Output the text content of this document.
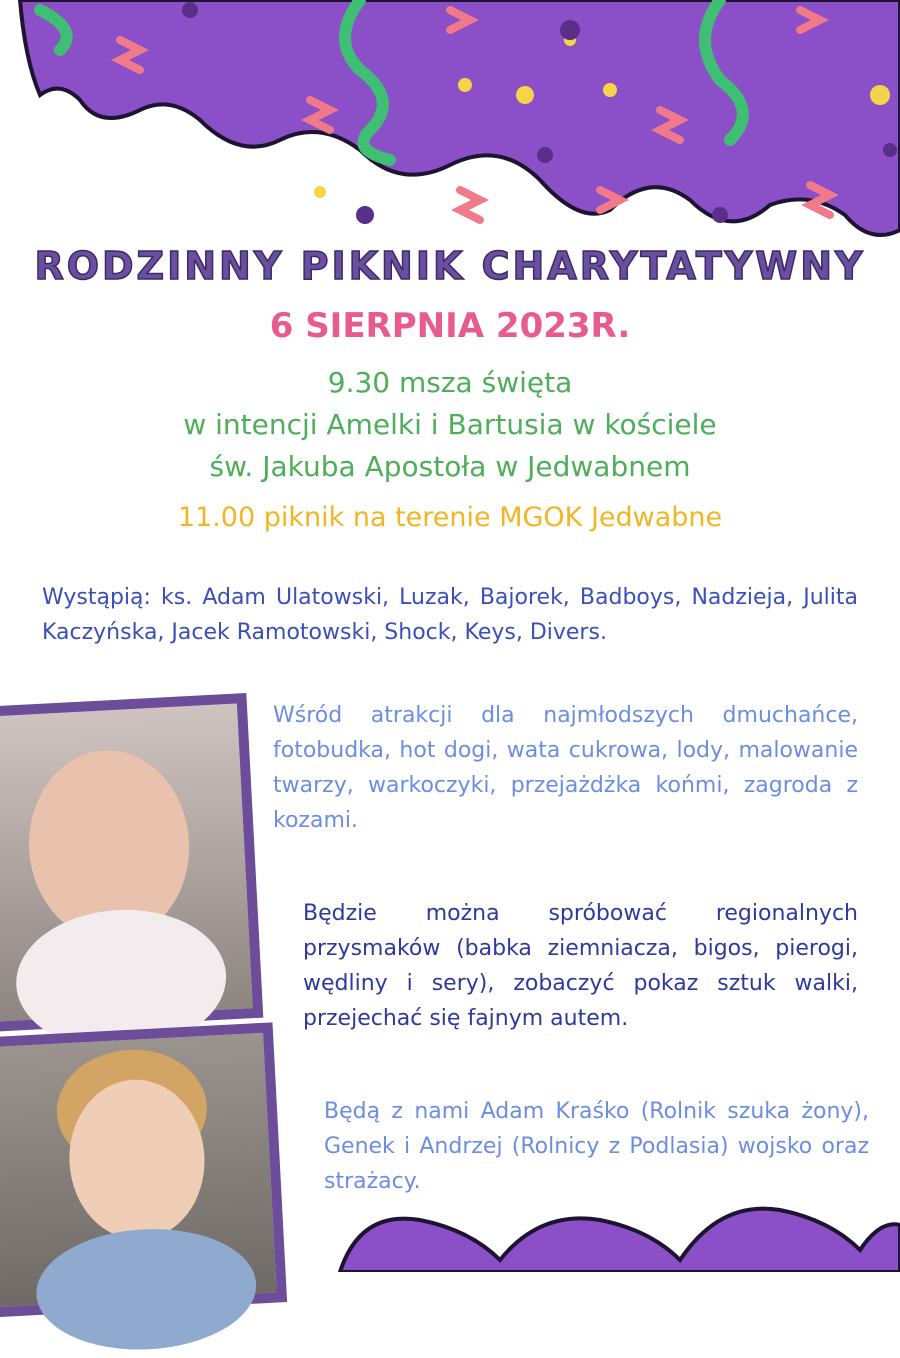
RODZINNY PIKNIK CHARYTATYWNY
6 SIERPNIA 2023R.
9.30 msza święta
w intencji Amelki i Bartusia w kościele
św. Jakuba Apostoła w Jedwabnem
11.00 piknik na terenie MGOK Jedwabne
Wystąpią: ks. Adam Ulatowski, Luzak, Bajorek, Badboys, Nadzieja, Julita Kaczyńska, Jacek Ramotowski, Shock, Keys, Divers.
Wśród atrakcji dla najmłodszych dmuchańce, fotobudka, hot dogi, wata cukrowa, lody, malowanie twarzy, warkoczyki, przejażdżka końmi, zagroda z kozami.
Będzie można spróbować regionalnych przysmaków (babka ziemniacza, bigos, pierogi, wędliny i sery), zobaczyć pokaz sztuk walki, przejechać się fajnym autem.
Będą z nami Adam Kraśko (Rolnik szuka żony), Genek i Andrzej (Rolnicy z Podlasia) wojsko oraz strażacy.
